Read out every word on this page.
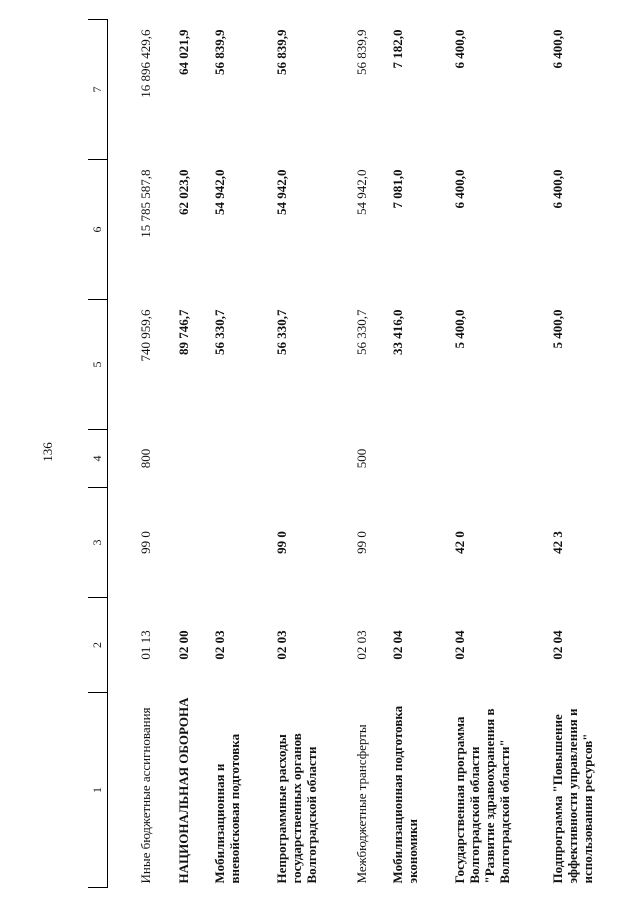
136
1	2	3	4	5	6	7
Иные бюджетные ассигнования	01 13	99 0	800	740 959,6	15 785 587,8	16 896 429,6
НАЦИОНАЛЬНАЯ ОБОРОНА	02 00			89 746,7	62 023,0	64 021,9
Мобилизационная и вневойсковая подготовка	02 03			56 330,7	54 942,0	56 839,9
Непрограммные расходы государственных органов Волгоградской области	02 03	99 0		56 330,7	54 942,0	56 839,9
Межбюджетные трансферты	02 03	99 0	500	56 330,7	54 942,0	56 839,9
Мобилизационная подготовка экономики	02 04			33 416,0	7 081,0	7 182,0
Государственная программа Волгоградской области "Развитие здравоохранения в Волгоградской области"	02 04	42 0		5 400,0	6 400,0	6 400,0
Подпрограмма "Повышение эффективности управления и использования ресурсов"	02 04	42 3		5 400,0	6 400,0	6 400,0
